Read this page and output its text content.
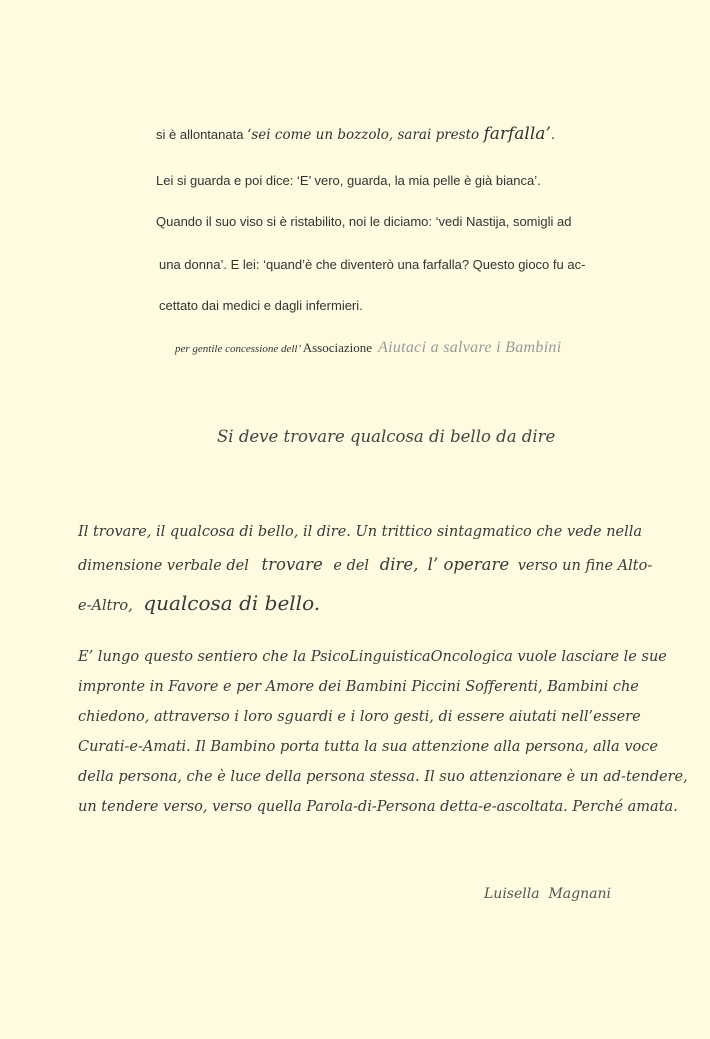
si è allontanata ‘sei come un bozzolo, sarai presto farfalla’.
Lei si guarda e poi dice: ‘E’ vero, guarda, la mia pelle è già bianca’.
Quando il suo viso si è ristabilito, noi le diciamo: ‘vedi Nastija, somigli ad
una donna’. E lei: ‘quand’è che diventerò una farfalla? Questo gioco fu ac-
cettato dai medici e dagli infermieri.
per gentile concessione dell’ Associazione Aiutaci a salvare i Bambini
Si deve trovare qualcosa di bello da dire
Il trovare, il qualcosa di bello, il dire. Un trittico sintagmatico che vede nella
dimensione verbale del trovare e del dire, l’ operare verso un fine Alto-
e-Altro, qualcosa di bello.
E’ lungo questo sentiero che la PsicoLinguisticaOncologica vuole lasciare le sue
impronte in Favore e per Amore dei Bambini Piccini Sofferenti, Bambini che
chiedono, attraverso i loro sguardi e i loro gesti, di essere aiutati nell’essere
Curati-e-Amati. Il Bambino porta tutta la sua attenzione alla persona, alla voce
della persona, che è luce della persona stessa. Il suo attenzionare è un ad-tendere,
un tendere verso, verso quella Parola-di-Persona detta-e-ascoltata. Perché amata.
Luisella  Magnani
